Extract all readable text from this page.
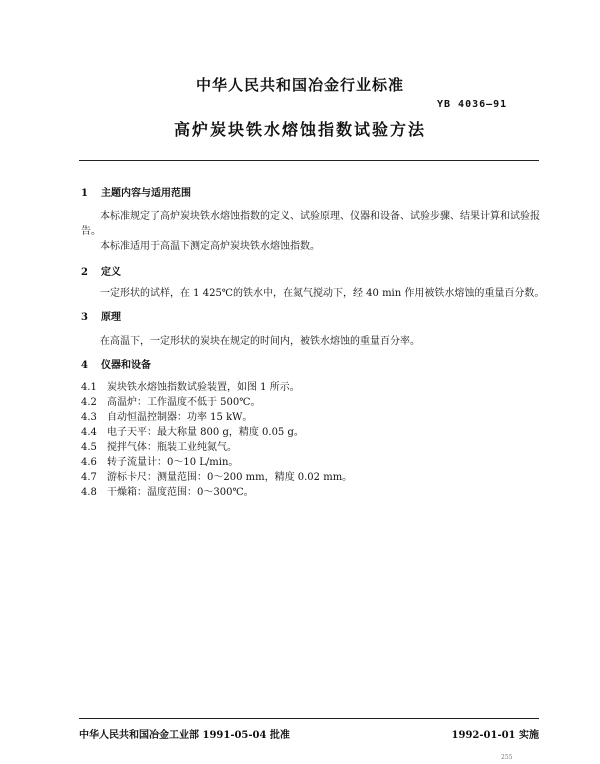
中华人民共和国冶金行业标准
YB 4036—91
高炉炭块铁水熔蚀指数试验方法
1 主题内容与适用范围
本标准规定了高炉炭块铁水熔蚀指数的定义、试验原理、仪器和设备、试验步骤、结果计算和试验报
告。
本标准适用于高温下测定高炉炭块铁水熔蚀指数。
2 定义
一定形状的试样，在 1 425℃的铁水中，在氮气搅动下，经 40 min 作用被铁水熔蚀的重量百分数。
3 原理
在高温下，一定形状的炭块在规定的时间内，被铁水熔蚀的重量百分率。
4 仪器和设备
4.1 炭块铁水熔蚀指数试验装置，如图 1 所示。
4.2 高温炉：工作温度不低于 500℃。
4.3 自动恒温控制器：功率 15 kW。
4.4 电子天平：最大称量 800 g，精度 0.05 g。
4.5 搅拌气体：瓶装工业纯氮气。
4.6 转子流量计：0～10 L/min。
4.7 游标卡尺：测量范围：0～200 mm，精度 0.02 mm。
4.8 干燥箱：温度范围：0～300℃。
中华人民共和国冶金工业部 1991-05-04 批准	1992-01-01 实施
255
